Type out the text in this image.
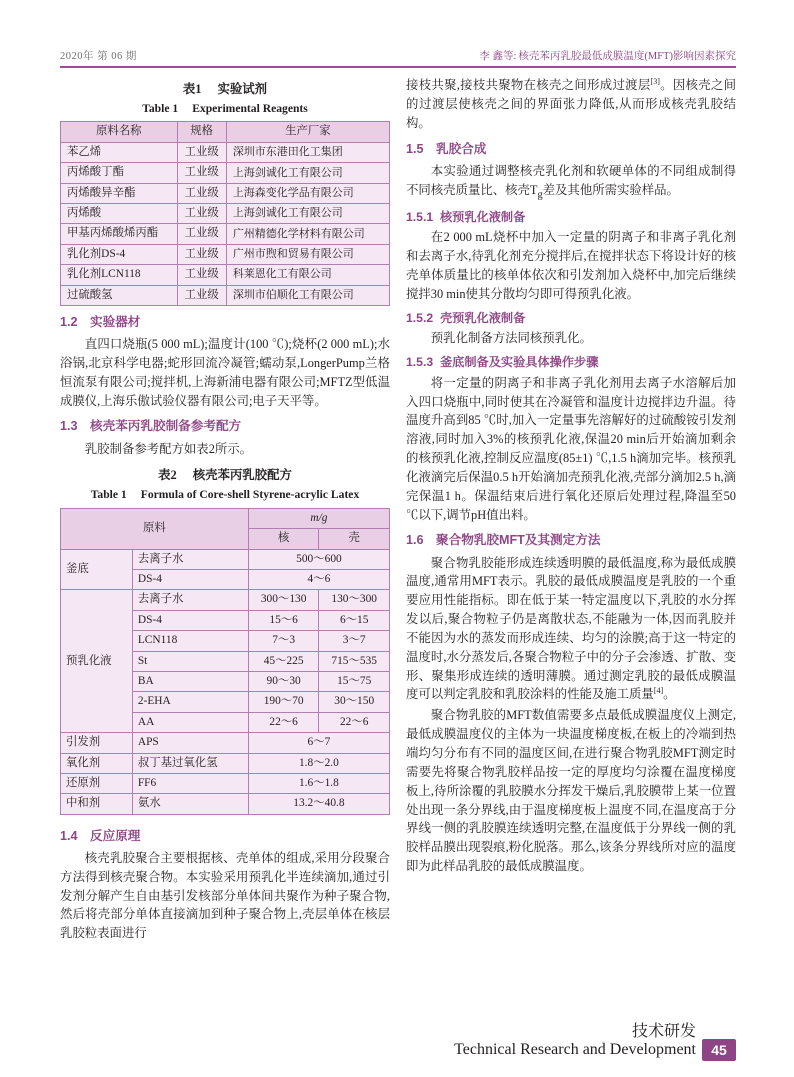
2020年 第 06 期	李 鑫等: 核壳苯丙乳胶最低成膜温度(MFT)影响因素探究
表1 实验试剂
Table 1 Experimental Reagents
原料名称	规格	生产厂家
苯乙烯	工业级	深圳市东港田化工集团
丙烯酸丁酯	工业级	上海剑诚化工有限公司
丙烯酸异辛酯	工业级	上海森变化学品有限公司
丙烯酸	工业级	上海剑诚化工有限公司
甲基丙烯酸烯丙酯	工业级	广州精德化学材料有限公司
乳化剂DS-4	工业级	广州市煦和贸易有限公司
乳化剂LCN118	工业级	科莱恩化工有限公司
过硫酸氢	工业级	深圳市伯顺化工有限公司
1.2 实验器材

直四口烧瓶(5 000 mL);温度计(100 ℃);烧杯(2 000 mL);水浴锅,北京科学电器;蛇形回流冷凝管;蠕动泵,LongerPump兰格恒流泵有限公司;搅拌机,上海新浦电器有限公司;MFTZ型低温成膜仪,上海乐傲试验仪器有限公司;电子天平等。

1.3 核壳苯丙乳胶制备参考配方

乳胶制备参考配方如表2所示。

表2 核壳苯丙乳胶配方
Table 1 Formula of Core-shell Styrene-acrylic Latex
原料		m/g	
		核	壳
釜底	去离子水	500～600	
	DS-4	4～6	
预乳化液	去离子水	300～130	130～300
	DS-4	15～6	6～15
	LCN118	7～3	3～7
	St	45～225	715～535
	BA	90～30	15～75
	2-EHA	190～70	30～150
	AA	22～6	22～6
引发剂	APS	6～7	
氧化剂	叔丁基过氧化氢	1.8～2.0	
还原剂	FF6	1.6～1.8	
中和剂	氨水	13.2～40.8	
1.4 反应原理

核壳乳胶聚合主要根据核、壳单体的组成,采用分段聚合方法得到核壳聚合物。本实验采用预乳化半连续滴加,通过引发剂分解产生自由基引发核部分单体间共聚作为种子聚合物,然后将壳部分单体直接滴加到种子聚合物上,壳层单体在核层乳胶粒表面进行

接枝共聚,接枝共聚物在核壳之间形成过渡层[3]。因核壳之间的过渡层使核壳之间的界面张力降低,从而形成核壳乳胶结构。

1.5 乳胶合成

本实验通过调整核壳乳化剂和软硬单体的不同组成制得不同核壳质量比、核壳$T_g$差及其他所需实验样品。

1.5.1 核预乳化液制备

在2 000 mL烧杯中加入一定量的阴离子和非离子乳化剂和去离子水,待乳化剂充分搅拌后,在搅拌状态下将设计好的核壳单体质量比的核单体依次和引发剂加入烧杯中,加完后继续搅拌30 min使其分散均匀即可得预乳化液。

1.5.2 壳预乳化液制备

预乳化制备方法同核预乳化。

1.5.3 釜底制备及实验具体操作步骤

将一定量的阴离子和非离子乳化剂用去离子水溶解后加入四口烧瓶中,同时使其在冷凝管和温度计边搅拌边升温。待温度升高到85 ℃时,加入一定量事先溶解好的过硫酸铵引发剂溶液,同时加入3%的核预乳化液,保温20 min后开始滴加剩余的核预乳化液,控制反应温度(85±1) ℃,1.5 h滴加完毕。核预乳化液滴完后保温0.5 h开始滴加壳预乳化液,壳部分滴加2.5 h,滴完保温1 h。保温结束后进行氧化还原后处理过程,降温至50 ℃以下,调节pH值出料。

1.6 聚合物乳胶MFT及其测定方法

聚合物乳胶能形成连续透明膜的最低温度,称为最低成膜温度,通常用MFT表示。乳胶的最低成膜温度是乳胶的一个重要应用性能指标。即在低于某一特定温度以下,乳胶的水分挥发以后,聚合物粒子仍是离散状态,不能融为一体,因而乳胶并不能因为水的蒸发而形成连续、均匀的涂膜;高于这一特定的温度时,水分蒸发后,各聚合物粒子中的分子会渗透、扩散、变形、聚集形成连续的透明薄膜。通过测定乳胶的最低成膜温度可以判定乳胶和乳胶涂料的性能及施工质量[4]。

聚合物乳胶的MFT数值需要多点最低成膜温度仪上测定,最低成膜温度仪的主体为一块温度梯度板,在板上的冷端到热端均匀分布有不同的温度区间,在进行聚合物乳胶MFT测定时需要先将聚合物乳胶样品按一定的厚度均匀涂覆在温度梯度板上,待所涂覆的乳胶膜水分挥发干燥后,乳胶膜带上某一位置处出现一条分界线,由于温度梯度板上温度不同,在温度高于分界线一侧的乳胶膜连续透明完整,在温度低于分界线一侧的乳胶样品膜出现裂痕,粉化脱落。那么,该条分界线所对应的温度即为此样品乳胶的最低成膜温度。

技术研发
Technical Research and Development	45
